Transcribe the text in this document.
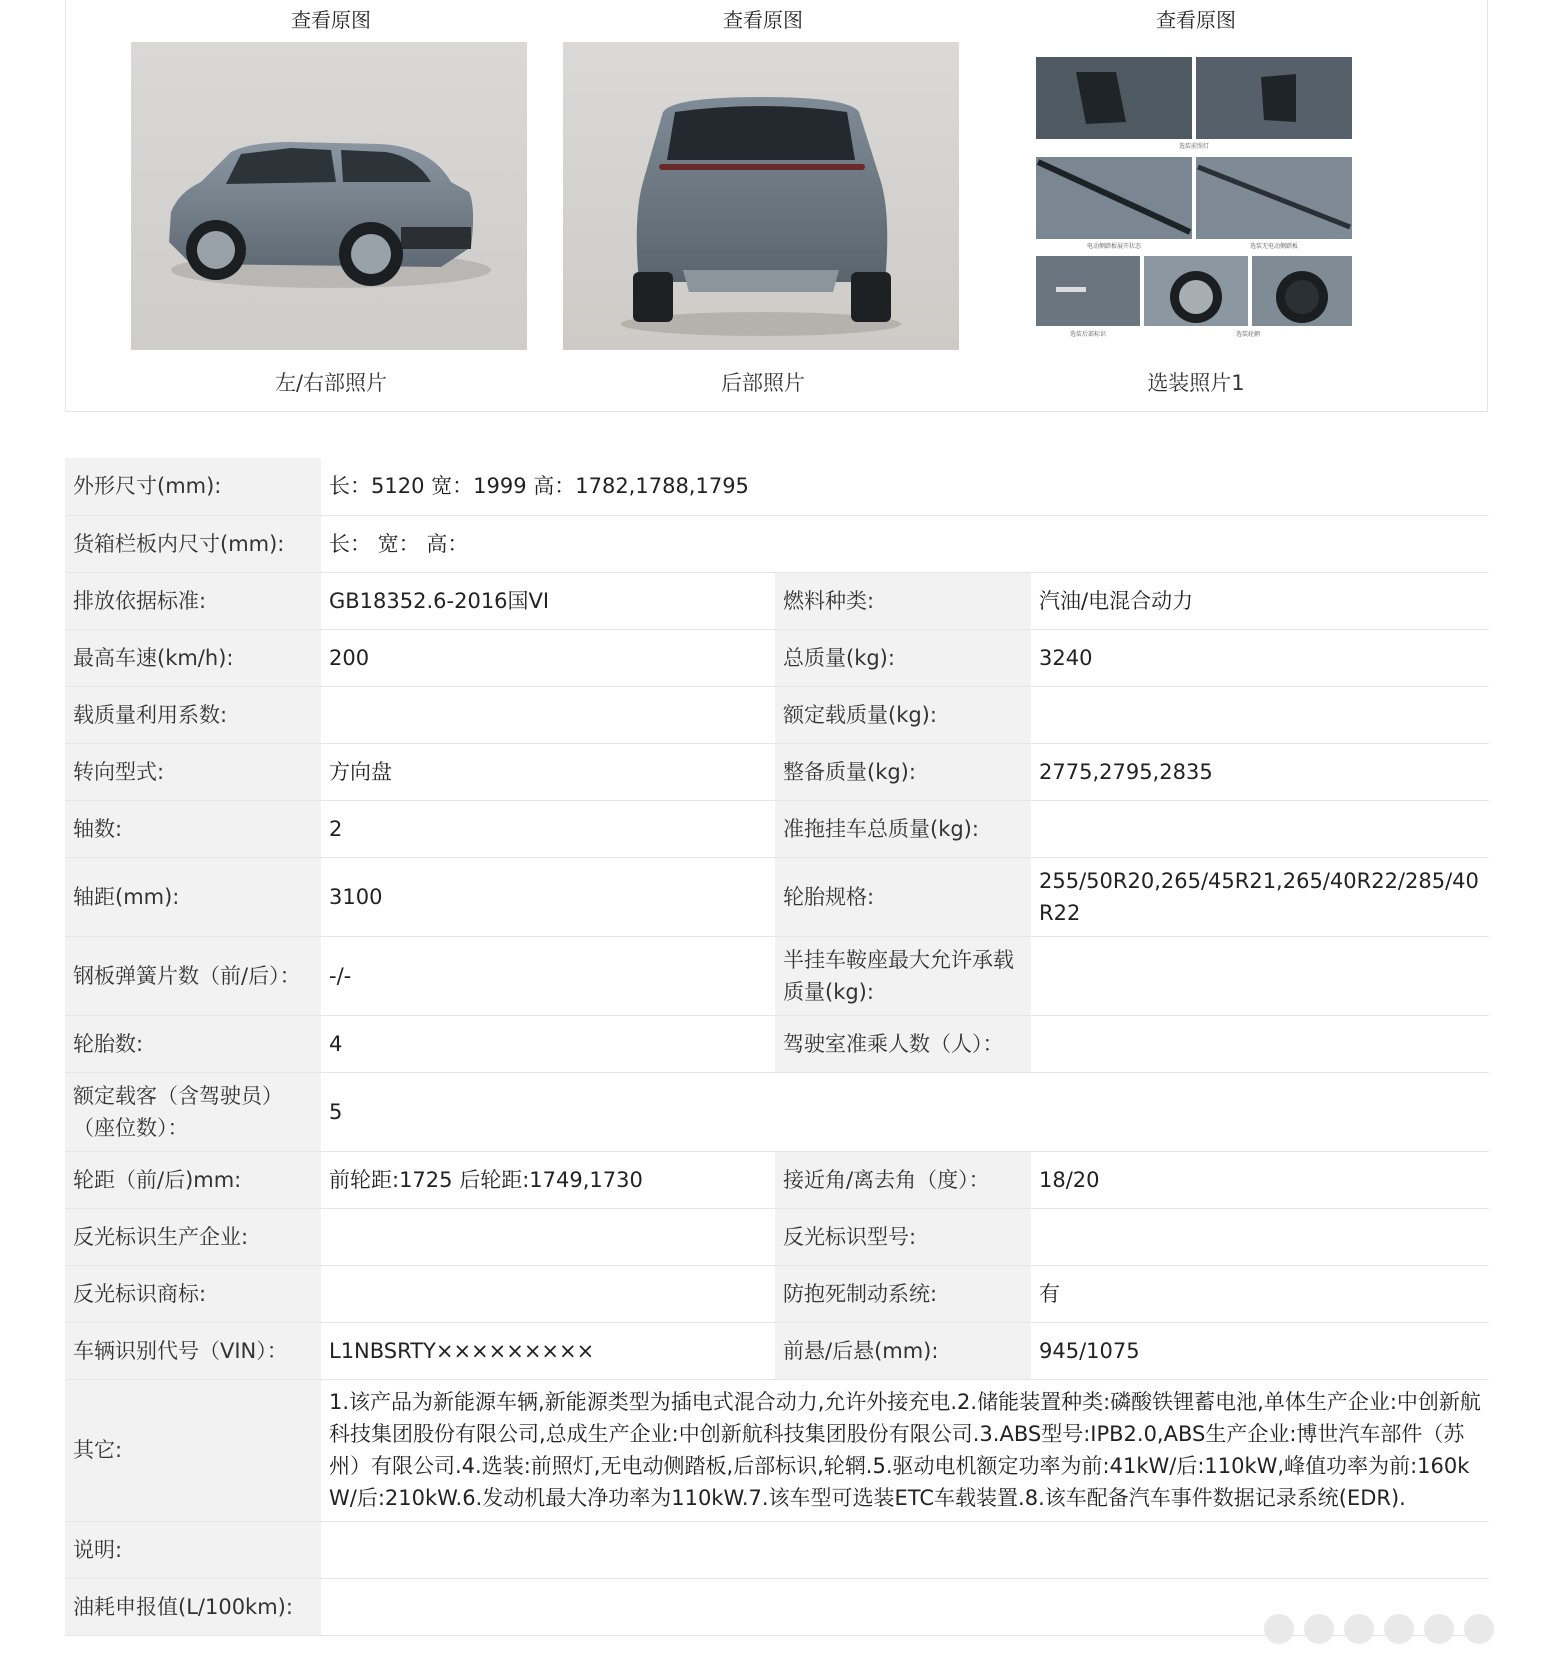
查看原图
左/右部照片
查看原图
后部照片
查看原图
选装前照灯
电动侧踏板展开状态	选装无电动侧踏板
选装后部标识	选装轮辋
选装照片1
外形尺寸(mm):	长：5120 宽：1999 高：1782,1788,1795		
货箱栏板内尺寸(mm):	长： 宽： 高：		
排放依据标准:	GB18352.6-2016国VI	燃料种类:	汽油/电混合动力
最高车速(km/h):	200	总质量(kg):	3240
载质量利用系数:		额定载质量(kg):	
转向型式:	方向盘	整备质量(kg):	2775,2795,2835
轴数:	2	准拖挂车总质量(kg):	
轴距(mm):	3100	轮胎规格:	255/50R20,265/45R21,265/40R22/285/40R22
钢板弹簧片数（前/后）：	-/-	半挂车鞍座最大允许承载质量(kg):	
轮胎数:	4	驾驶室准乘人数（人）：	
额定载客（含驾驶员）（座位数）：	5		
轮距（前/后)mm:	前轮距:1725 后轮距:1749,1730	接近角/离去角（度）：	18/20
反光标识生产企业:		反光标识型号:	
反光标识商标:		防抱死制动系统:	有
车辆识别代号（VIN）：	L1NBSRTY×××××××××	前悬/后悬(mm):	945/1075
其它:	1.该产品为新能源车辆,新能源类型为插电式混合动力,允许外接充电.2.储能装置种类:磷酸铁锂蓄电池,单体生产企业:中创新航科技集团股份有限公司,总成生产企业:中创新航科技集团股份有限公司.3.ABS型号:IPB2.0,ABS生产企业:博世汽车部件（苏州）有限公司.4.选装:前照灯,无电动侧踏板,后部标识,轮辋.5.驱动电机额定功率为前:41kW/后:110kW,峰值功率为前:160kW/后:210kW.6.发动机最大净功率为110kW.7.该车型可选装ETC车载装置.8.该车配备汽车事件数据记录系统(EDR).		
说明:			
油耗申报值(L/100km):			
